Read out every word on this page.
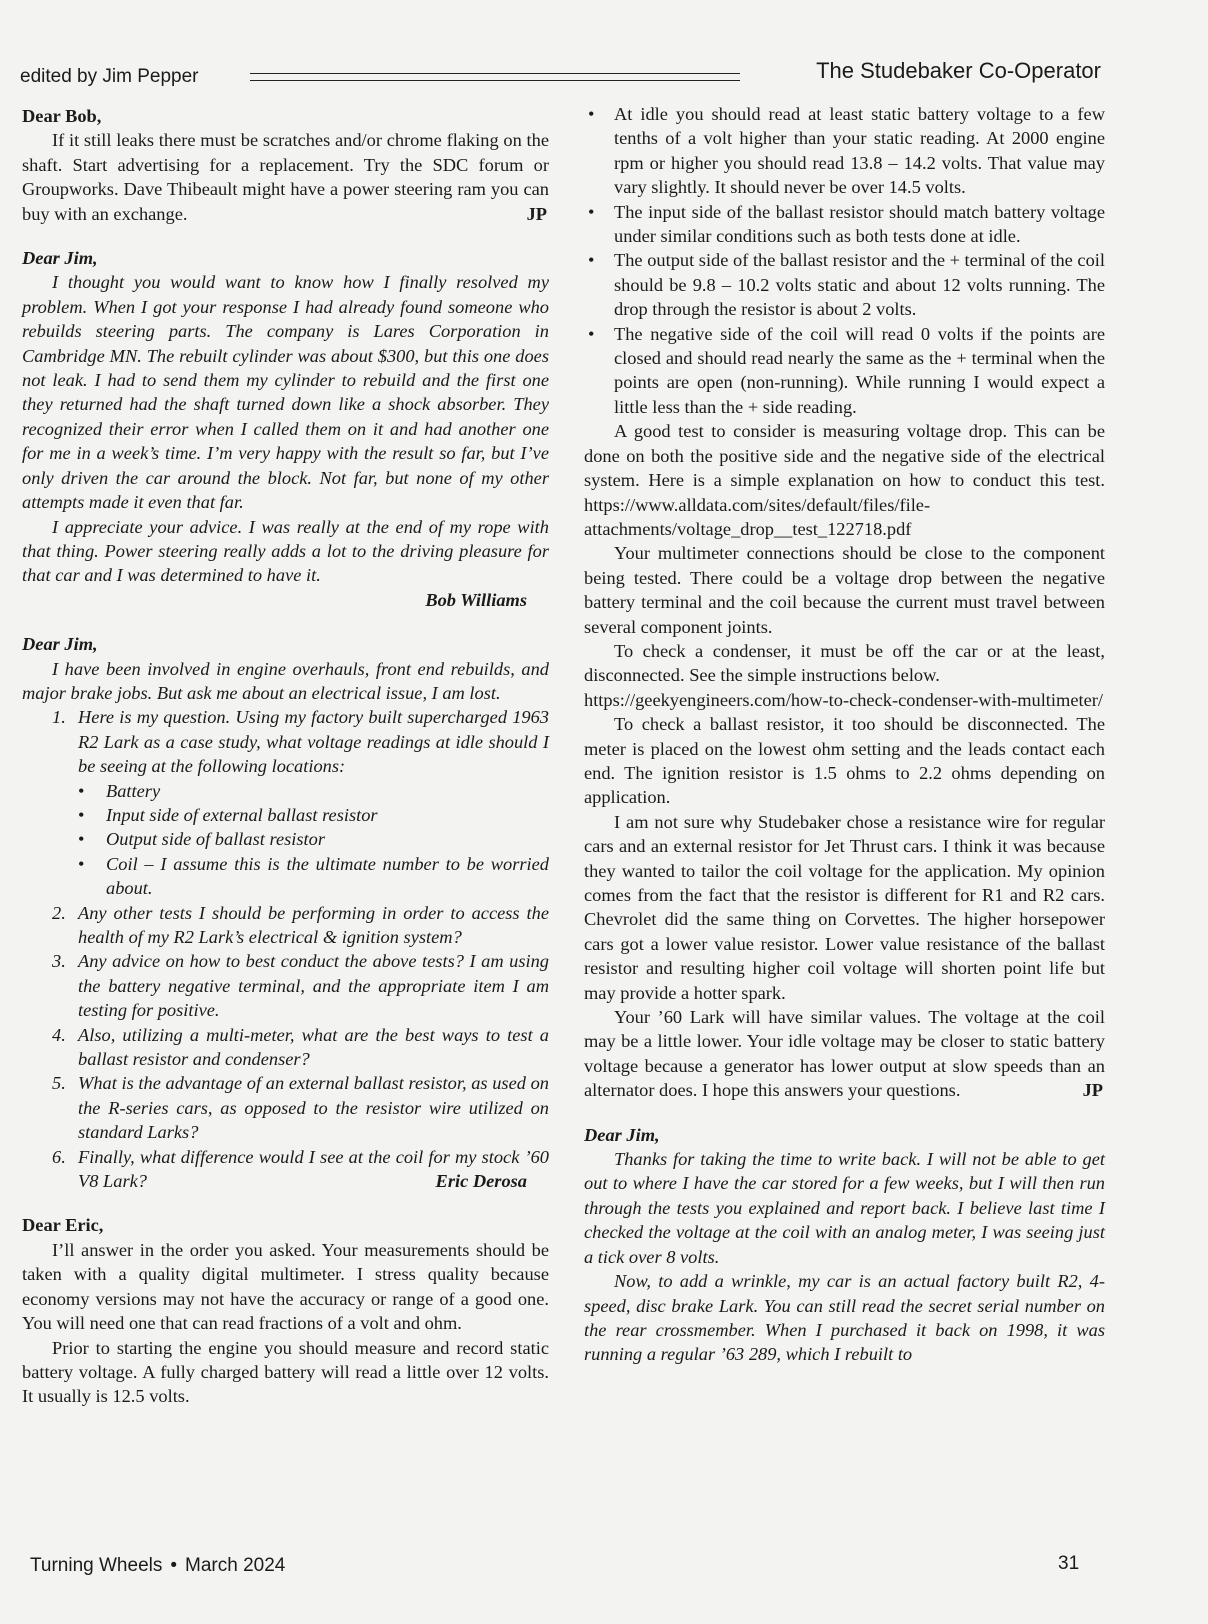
edited by Jim Pepper	The Studebaker Co-Operator

Dear Bob,

If it still leaks there must be scratches and/or chrome flaking on the shaft. Start advertising for a replacement. Try the SDC forum or Groupworks. Dave Thibeault might have a power steering ram you can buy with an exchange.	JP

Dear Jim,

I thought you would want to know how I finally resolved my problem. When I got your response I had already found someone who rebuilds steering parts. The company is Lares Corporation in Cambridge MN. The rebuilt cylinder was about $300, but this one does not leak. I had to send them my cylinder to rebuild and the first one they returned had the shaft turned down like a shock absorber. They recognized their error when I called them on it and had another one for me in a week’s time. I’m very happy with the result so far, but I’ve only driven the car around the block. Not far, but none of my other attempts made it even that far.

I appreciate your advice. I was really at the end of my rope with that thing. Power steering really adds a lot to the driving pleasure for that car and I was determined to have it.

Bob Williams

Dear Jim,

I have been involved in engine overhauls, front end rebuilds, and major brake jobs. But ask me about an electrical issue, I am lost.

1. Here is my question. Using my factory built supercharged 1963 R2 Lark as a case study, what voltage readings at idle should I be seeing at the following locations:
• Battery
• Input side of external ballast resistor
• Output side of ballast resistor
• Coil – I assume this is the ultimate number to be worried about.
2. Any other tests I should be performing in order to access the health of my R2 Lark’s electrical & ignition system?
3. Any advice on how to best conduct the above tests? I am using the battery negative terminal, and the appropriate item I am testing for positive.
4. Also, utilizing a multi-meter, what are the best ways to test a ballast resistor and condenser?
5. What is the advantage of an external ballast resistor, as used on the R-series cars, as opposed to the resistor wire utilized on standard Larks?
6. Finally, what difference would I see at the coil for my stock ’60 V8 Lark?	Eric Derosa

Dear Eric,

I’ll answer in the order you asked. Your measurements should be taken with a quality digital multimeter. I stress quality because economy versions may not have the accuracy or range of a good one. You will need one that can read fractions of a volt and ohm.

Prior to starting the engine you should measure and record static battery voltage. A fully charged battery will read a little over 12 volts. It usually is 12.5 volts.

• At idle you should read at least static battery voltage to a few tenths of a volt higher than your static reading. At 2000 engine rpm or higher you should read 13.8 – 14.2 volts. That value may vary slightly. It should never be over 14.5 volts.
• The input side of the ballast resistor should match battery voltage under similar conditions such as both tests done at idle.
• The output side of the ballast resistor and the + terminal of the coil should be 9.8 – 10.2 volts static and about 12 volts running. The drop through the resistor is about 2 volts.
• The negative side of the coil will read 0 volts if the points are closed and should read nearly the same as the + terminal when the points are open (non-running). While running I would expect a little less than the + side reading.

A good test to consider is measuring voltage drop. This can be done on both the positive side and the negative side of the electrical system. Here is a simple explanation on how to conduct this test. https://www.alldata.com/sites/default/files/file-attachments/voltage_drop__test_122718.pdf

Your multimeter connections should be close to the component being tested. There could be a voltage drop between the negative battery terminal and the coil because the current must travel between several component joints.

To check a condenser, it must be off the car or at the least, disconnected. See the simple instructions below.

https://geekyengineers.com/how-to-check-condenser-with-multimeter/

To check a ballast resistor, it too should be disconnected. The meter is placed on the lowest ohm setting and the leads contact each end. The ignition resistor is 1.5 ohms to 2.2 ohms depending on application.

I am not sure why Studebaker chose a resistance wire for regular cars and an external resistor for Jet Thrust cars. I think it was because they wanted to tailor the coil voltage for the application. My opinion comes from the fact that the resistor is different for R1 and R2 cars. Chevrolet did the same thing on Corvettes. The higher horsepower cars got a lower value resistor. Lower value resistance of the ballast resistor and resulting higher coil voltage will shorten point life but may provide a hotter spark.

Your ’60 Lark will have similar values. The voltage at the coil may be a little lower. Your idle voltage may be closer to static battery voltage because a generator has lower output at slow speeds than an alternator does. I hope this answers your questions.	JP

Dear Jim,

Thanks for taking the time to write back. I will not be able to get out to where I have the car stored for a few weeks, but I will then run through the tests you explained and report back. I believe last time I checked the voltage at the coil with an analog meter, I was seeing just a tick over 8 volts.

Now, to add a wrinkle, my car is an actual factory built R2, 4-speed, disc brake Lark. You can still read the secret serial number on the rear crossmember. When I purchased it back on 1998, it was running a regular ’63 289, which I rebuilt to

Turning Wheels • March 2024	31
